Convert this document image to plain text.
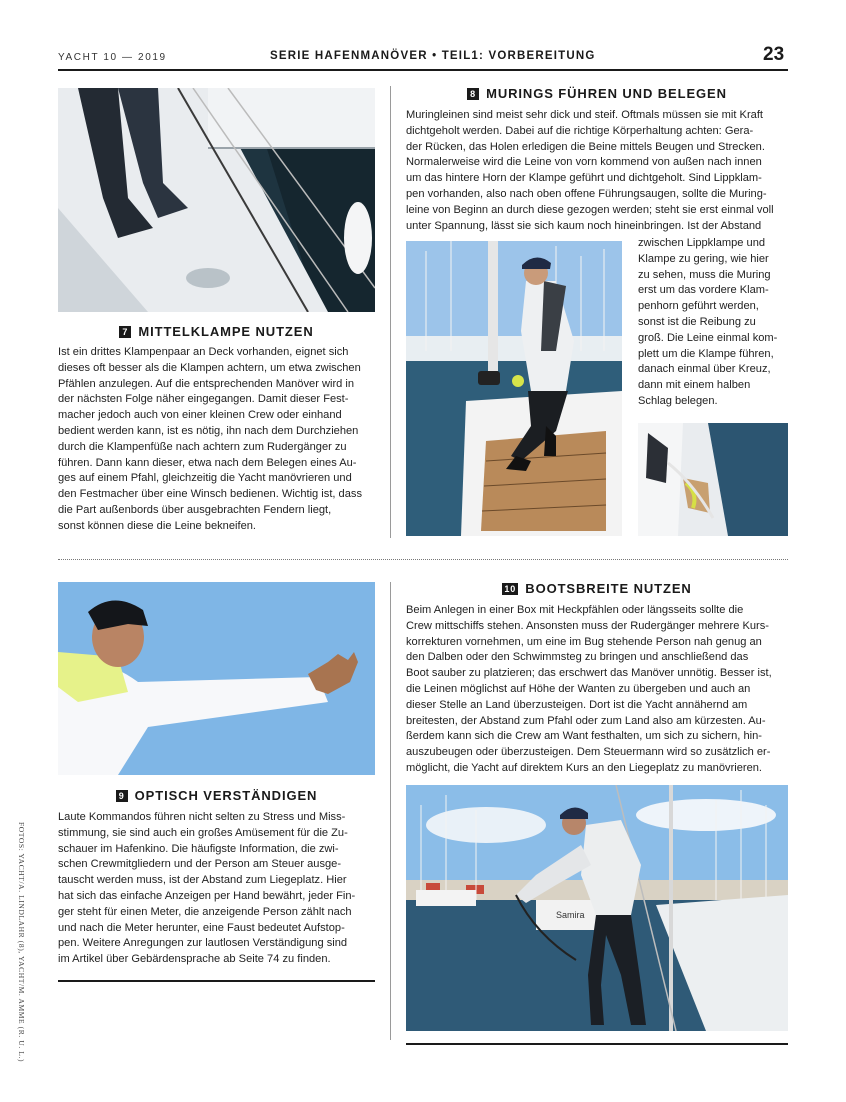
YACHT 10 — 2019	SERIE HAFENMANÖVER • TEIL1: VORBEREITUNG	23
7 MITTELKLAMPE NUTZEN

Ist ein drittes Klampenpaar an Deck vorhanden, eignet sich

dieses oft besser als die Klampen achtern, um etwa zwischen

Pfählen anzulegen. Auf die entsprechenden Manöver wird in

der nächsten Folge näher eingegangen. Damit dieser Fest-

macher jedoch auch von einer kleinen Crew oder einhand

bedient werden kann, ist es nötig, ihn nach dem Durchziehen

durch die Klampenfüße nach achtern zum Rudergänger zu

führen. Dann kann dieser, etwa nach dem Belegen eines Au-

ges auf einem Pfahl, gleichzeitig die Yacht manövrieren und

den Festmacher über eine Winsch bedienen. Wichtig ist, dass

die Part außenbords über ausgebrachten Fendern liegt,

sonst können diese die Leine bekneifen.

8 MURINGS FÜHREN UND BELEGEN

Muringleinen sind meist sehr dick und steif. Oftmals müssen sie mit Kraft

dichtgeholt werden. Dabei auf die richtige Körperhaltung achten: Gera-

der Rücken, das Holen erledigen die Beine mittels Beugen und Strecken.

Normalerweise wird die Leine von vorn kommend von außen nach innen

um das hintere Horn der Klampe geführt und dichtgeholt. Sind Lippklam-

pen vorhanden, also nach oben offene Führungsaugen, sollte die Muring-

leine von Beginn an durch diese gezogen werden; steht sie erst einmal voll

unter Spannung, lässt sie sich kaum noch hineinbringen. Ist der Abstand

zwischen Lippklampe und

Klampe zu gering, wie hier

zu sehen, muss die Muring

erst um das vordere Klam-

penhorn geführt werden,

sonst ist die Reibung zu

groß. Die Leine einmal kom-

plett um die Klampe führen,

danach einmal über Kreuz,

dann mit einem halben

Schlag belegen.

9 OPTISCH VERSTÄNDIGEN

Laute Kommandos führen nicht selten zu Stress und Miss-

stimmung, sie sind auch ein großes Amüsement für die Zu-

schauer im Hafenkino. Die häufigste Information, die zwi-

schen Crewmitgliedern und der Person am Steuer ausge-

tauscht werden muss, ist der Abstand zum Liegeplatz. Hier

hat sich das einfache Anzeigen per Hand bewährt, jeder Fin-

ger steht für einen Meter, die anzeigende Person zählt nach

und nach die Meter herunter, eine Faust bedeutet Aufstop-

pen. Weitere Anregungen zur lautlosen Verständigung sind

im Artikel über Gebärdensprache ab Seite 74 zu finden.

10 BOOTSBREITE NUTZEN

Beim Anlegen in einer Box mit Heckpfählen oder längsseits sollte die

Crew mittschiffs stehen. Ansonsten muss der Rudergänger mehrere Kurs-

korrekturen vornehmen, um eine im Bug stehende Person nah genug an

den Dalben oder den Schwimmsteg zu bringen und anschließend das

Boot sauber zu platzieren; das erschwert das Manöver unnötig. Besser ist,

die Leinen möglichst auf Höhe der Wanten zu übergeben und auch an

dieser Stelle an Land überzusteigen. Dort ist die Yacht annähernd am

breitesten, der Abstand zum Pfahl oder zum Land also am kürzesten. Au-

ßerdem kann sich die Crew am Want festhalten, um sich zu sichern, hin-

auszubeugen oder überzusteigen. Dem Steuermann wird so zusätzlich er-

möglicht, die Yacht auf direktem Kurs an den Liegeplatz zu manövrieren.

Samira
FOTOS: YACHT/A. LINDLAHR (8), YACHT/M. AMME (R. U. L.)
